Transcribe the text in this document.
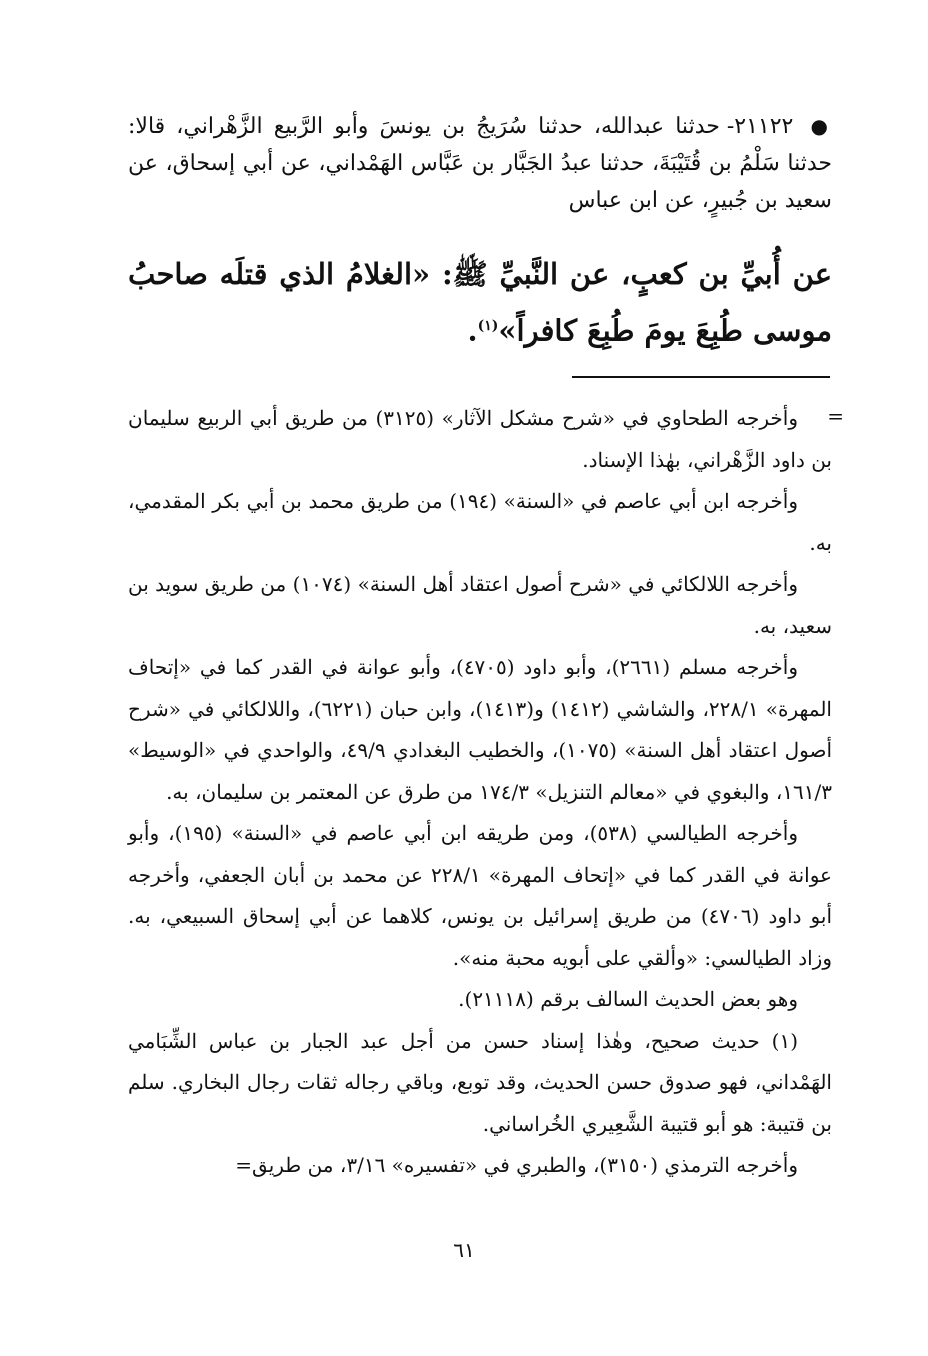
● ٢١١٢٢- حدثنا عبدالله، حدثنا سُرَيجُ بن يونسَ وأبو الرَّبيع الزَّهْراني، قالا: حدثنا سَلْمُ بن قُتَيْبَةَ، حدثنا عبدُ الجَبَّار بن عَبَّاس الهَمْداني، عن أبي إسحاق، عن سعيد بن جُبيرٍ، عن ابن عباس
عن أُبيِّ بن كعبٍ، عن النَّبيِّ ﷺ: «الغلامُ الذي قتلَه صاحبُ موسى طُبِعَ يومَ طُبِعَ كافراً»$^{(١)}$.
=

وأخرجه الطحاوي في «شرح مشكل الآثار» (٣١٢٥) من طريق أبي الربيع سليمان بن داود الزَّهْراني، بهٰذا الإسناد.

وأخرجه ابن أبي عاصم في «السنة» (١٩٤) من طريق محمد بن أبي بكر المقدمي، به.

وأخرجه اللالكائي في «شرح أصول اعتقاد أهل السنة» (١٠٧٤) من طريق سويد بن سعيد، به.

وأخرجه مسلم (٢٦٦١)، وأبو داود (٤٧٠٥)، وأبو عوانة في القدر كما في «إتحاف المهرة» ٢٢٨/١، والشاشي (١٤١٢) و(١٤١٣)، وابن حبان (٦٢٢١)، واللالكائي في «شرح أصول اعتقاد أهل السنة» (١٠٧٥)، والخطيب البغدادي ٤٩/٩، والواحدي في «الوسيط» ١٦١/٣، والبغوي في «معالم التنزيل» ١٧٤/٣ من طرق عن المعتمر بن سليمان، به.

وأخرجه الطيالسي (٥٣٨)، ومن طريقه ابن أبي عاصم في «السنة» (١٩٥)، وأبو عوانة في القدر كما في «إتحاف المهرة» ٢٢٨/١ عن محمد بن أبان الجعفي، وأخرجه أبو داود (٤٧٠٦) من طريق إسرائيل بن يونس، كلاهما عن أبي إسحاق السبيعي، به. وزاد الطيالسي: «وألقي على أبويه محبة منه».

وهو بعض الحديث السالف برقم (٢١١١٨).

(١) حديث صحيح، وهٰذا إسناد حسن من أجل عبد الجبار بن عباس الشِّبَامي الهَمْداني، فهو صدوق حسن الحديث، وقد توبع، وباقي رجاله ثقات رجال البخاري. سلم بن قتيبة: هو أبو قتيبة الشَّعِيري الخُراساني.

وأخرجه الترمذي (٣١٥٠)، والطبري في «تفسيره» ٣/١٦، من طريق=

٦١
